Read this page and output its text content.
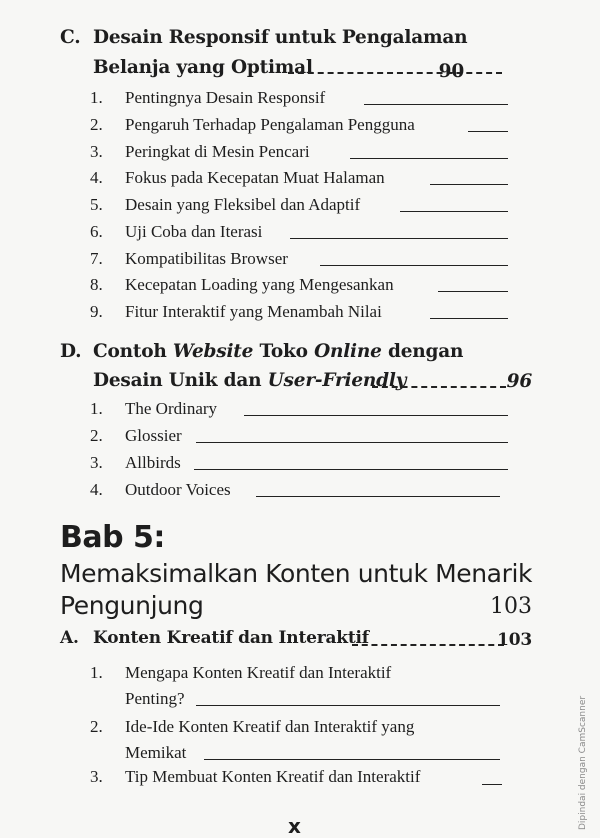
C. Desain Responsif untuk Pengalaman
Belanja yang Optimal	90
1. Pentingnya Desain Responsif
2. Pengaruh Terhadap Pengalaman Pengguna
3. Peringkat di Mesin Pencari
4. Fokus pada Kecepatan Muat Halaman
5. Desain yang Fleksibel dan Adaptif
6. Uji Coba dan Iterasi
7. Kompatibilitas Browser
8. Kecepatan Loading yang Mengesankan
9. Fitur Interaktif yang Menambah Nilai
D. Contoh Website Toko Online dengan
Desain Unik dan User-Friendly	96
1. The Ordinary
2. Glossier
3. Allbirds
4. Outdoor Voices
Bab 5:
Memaksimalkan Konten untuk Menarik
Pengunjung	103
A. Konten Kreatif dan Interaktif	103
1. Mengapa Konten Kreatif dan Interaktif
Penting?
2. Ide-Ide Konten Kreatif dan Interaktif yang
Memikat
3. Tip Membuat Konten Kreatif dan Interaktif
x	Dipindai dengan CamScanner
